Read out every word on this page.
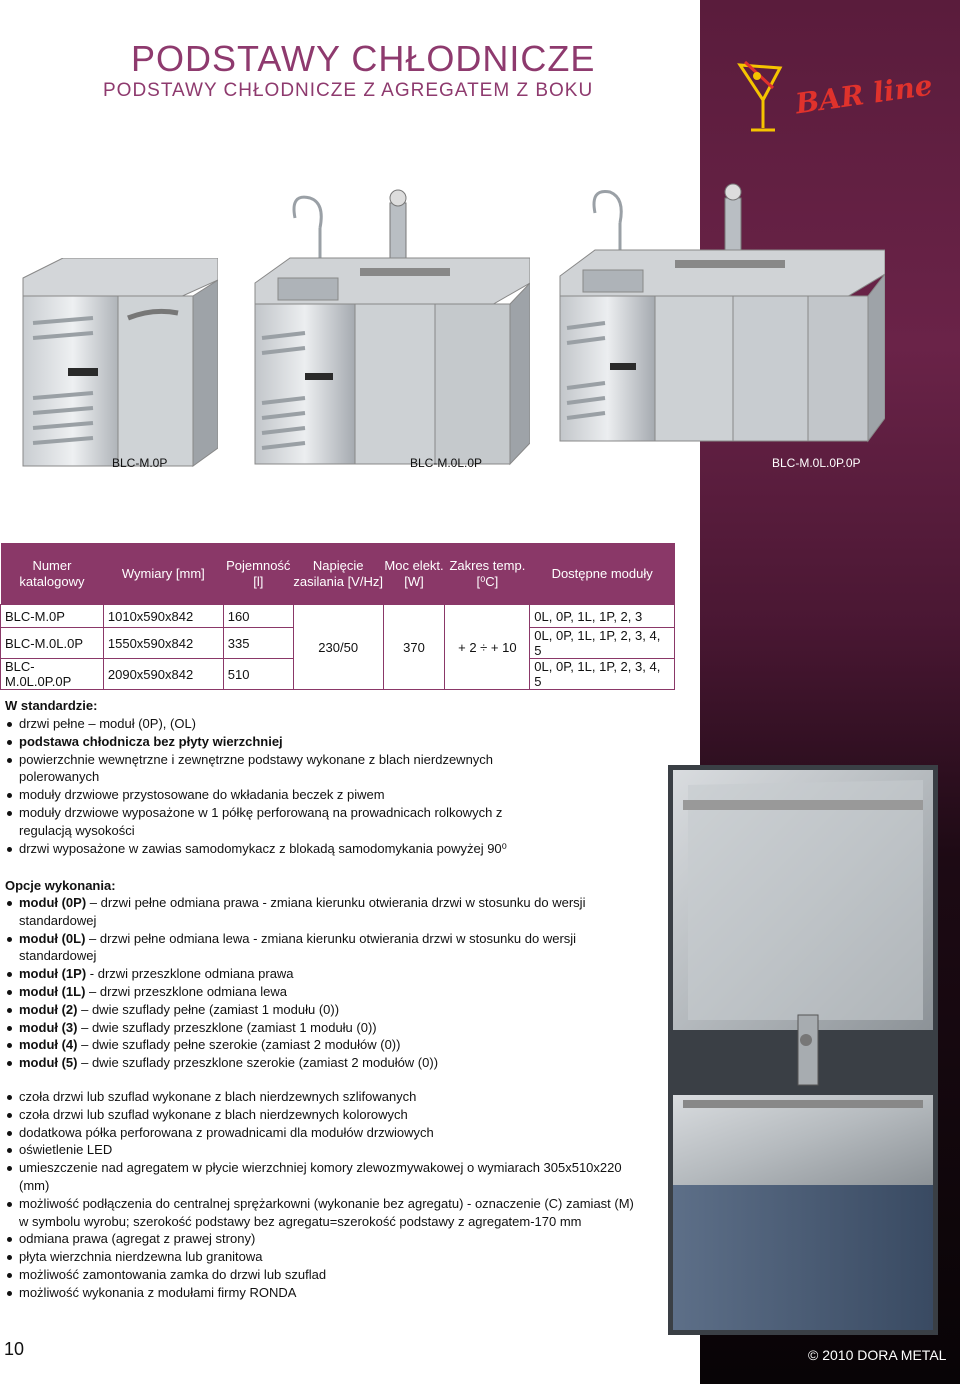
PODSTAWY CHŁODNICZE
PODSTAWY CHŁODNICZE Z AGREGATEM Z BOKU	BAR line
BLC-M.0P	BLC-M.0L.0P	BLC-M.0L.0P.0P
Numer katalogowy	Wymiary [mm]	Pojemność [l]	Napięcie zasilania [V/Hz]	Moc elekt. [W]	Zakres temp. [⁰C]	Dostępne moduły
BLC-M.0P	1010x590x842	160	230/50	370	+ 2 ÷ + 10	0L, 0P, 1L, 1P, 2, 3
BLC-M.0L.0P	1550x590x842	335				0L, 0P, 1L, 1P, 2, 3, 4, 5
BLC-M.0L.0P.0P	2090x590x842	510				0L, 0P, 1L, 1P, 2, 3, 4, 5
W standardzie:
drzwi pełne – moduł (0P), (OL)
podstawa chłodnicza bez płyty wierzchniej
powierzchnie wewnętrzne i zewnętrzne podstawy wykonane z blach nierdzewnych polerowanych
moduły drzwiowe przystosowane do wkładania beczek z piwem
moduły drzwiowe wyposażone w 1 półkę perforowaną na prowadnicach rolkowych z regulacją wysokości
drzwi wyposażone w zawias samodomykacz z blokadą samodomykania powyżej 90⁰
Opcje wykonania:
moduł (0P) – drzwi pełne odmiana prawa - zmiana kierunku otwierania drzwi w stosunku do wersji standardowej
moduł (0L) – drzwi pełne odmiana lewa - zmiana kierunku otwierania drzwi w stosunku do wersji standardowej
moduł (1P) - drzwi przeszklone odmiana prawa
moduł (1L) – drzwi przeszklone odmiana lewa
moduł (2) – dwie szuflady pełne (zamiast 1 modułu (0))
moduł (3) – dwie szuflady przeszklone (zamiast 1 modułu (0))
moduł (4) – dwie szuflady pełne szerokie (zamiast 2 modułów (0))
moduł (5) – dwie szuflady przeszklone szerokie (zamiast 2 modułów (0))
czoła drzwi lub szuflad wykonane z blach nierdzewnych szlifowanych
czoła drzwi lub szuflad wykonane z blach nierdzewnych kolorowych
dodatkowa półka perforowana z prowadnicami dla modułów drzwiowych
oświetlenie LED
umieszczenie nad agregatem w płycie wierzchniej komory zlewozmywakowej o wymiarach 305x510x220 (mm)
możliwość podłączenia do centralnej sprężarkowni (wykonanie bez agregatu) - oznaczenie (C) zamiast (M) w symbolu wyrobu; szerokość podstawy bez agregatu=szerokość podstawy z agregatem-170 mm
odmiana prawa (agregat z prawej strony)
płyta wierzchnia nierdzewna lub granitowa
możliwość zamontowania zamka do drzwi lub szuflad
możliwość wykonania z modułami firmy RONDA
10	© 2010 DORA METAL
